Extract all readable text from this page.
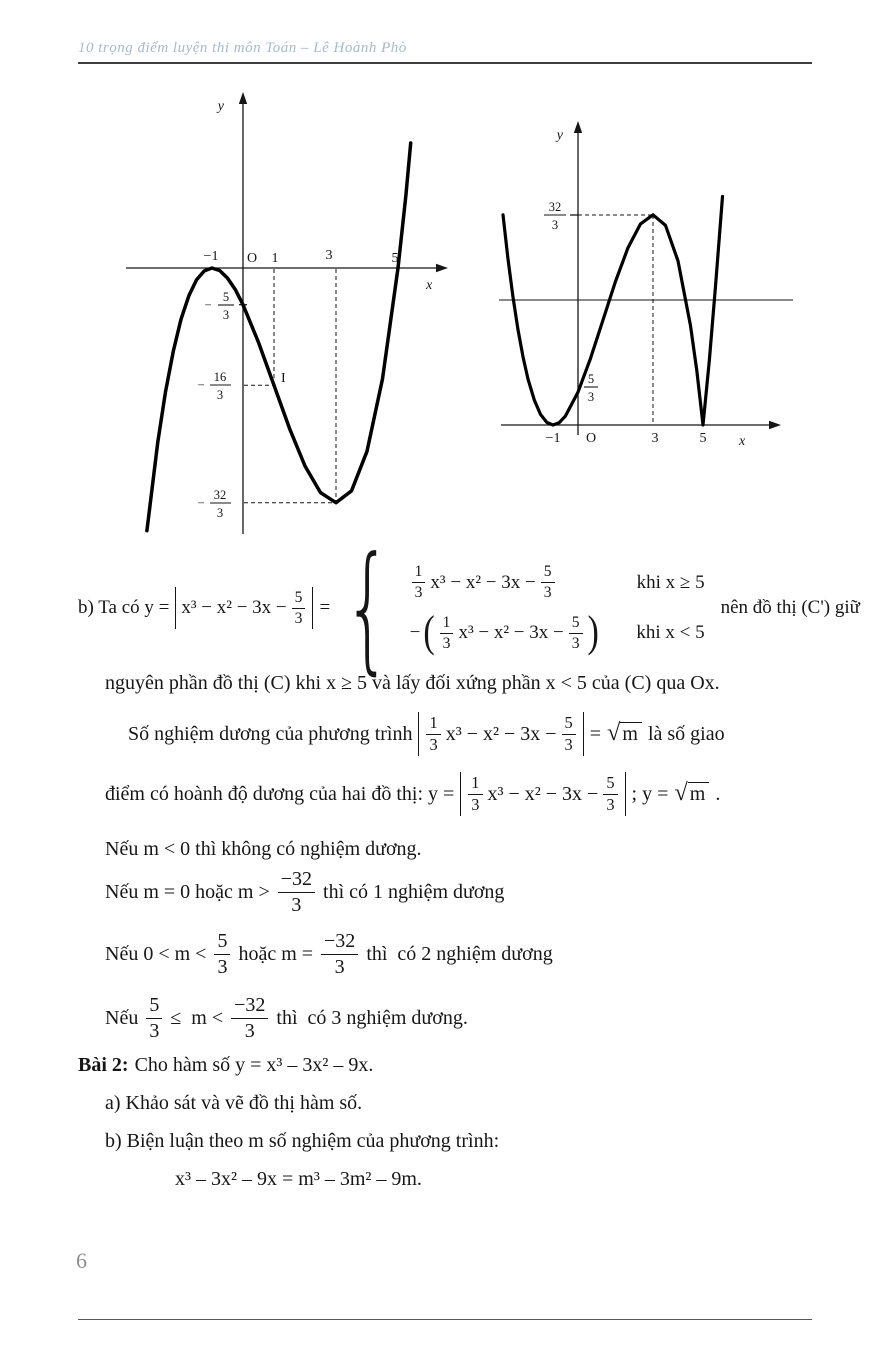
10 trọng điểm luyện thi môn Toán – Lê Hoành Phò
y
x
−1 O 1	3	5
−
5
3
I
−
16
3
−
32
3
y
x
−1 O	3	5
32
3
5
3
b) Ta có $y = x^3 - x^2 - 3x - \frac{5}{3}$ = { $\frac{1}{3} x^3 - x^2 - 3x - \frac{5}{3}$	khi x ≥ 5
− ( $\frac{1}{3} x^3 - x^2 - 3x - \frac{5}{3}$ )	khi x < 5
nên đồ thị (C') giữ
nguyên phần đồ thị (C) khi x ≥ 5 và lấy đối xứng phần x < 5 của (C) qua Ox.
Số nghiệm dương của phương trình $\frac{1}{3} x^3 - x^2 - 3x - \frac{5}{3}$ = √ m là số giao
điểm có hoành độ dương của hai đồ thị: $y = \frac{1}{3} x^3 - x^2 - 3x - \frac{5}{3}$ ; y = √ m .
Nếu m < 0 thì không có nghiệm dương.
Nếu m = 0 hoặc $m > \frac{-32}{3}$ thì có 1 nghiệm dương
Nếu $0 < m < \frac{5}{3}$ hoặc $m = \frac{-32}{3}$ thì  có 2 nghiệm dương
Nếu $\frac{5}{3} \le m < \frac{-32}{3}$ thì  có 3 nghiệm dương.
Bài 2: Cho hàm số y = x³ – 3x² – 9x.
a) Khảo sát và vẽ đồ thị hàm số.
b) Biện luận theo m số nghiệm của phương trình:
x³ – 3x² – 9x = m³ – 3m² – 9m.
6
